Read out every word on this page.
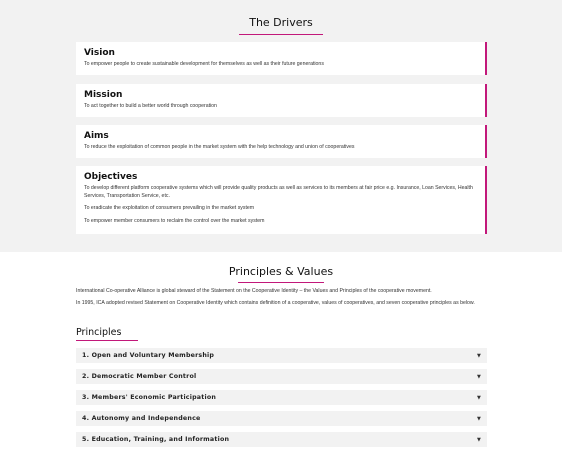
The Drivers
Vision

To empower people to create sustainable development for themselves as well as their future generations

Mission

To act together to build a better world through cooperation

Aims

To reduce the exploitation of common people in the market system with the help technology and union of cooperatives

Objectives

To develop different platform cooperative systems which will provide quality products as well as services to its members at fair price e.g. Insurance, Loan Services, Health Services, Transportation Service, etc.

To eradicate the exploitation of consumers prevailing in the market system

To empower member consumers to reclaim the control over the market system

Principles & Values

International Co-operative Alliance is global steward of the Statement on the Cooperative Identity – the Values and Principles of the cooperative movement.

In 1995, ICA adopted revised Statement on Cooperative Identity which contains definition of a cooperative, values of cooperatives, and seven cooperative principles as below.

Principles
1. Open and Voluntary Membership	▼
2. Democratic Member Control	▼
3. Members' Economic Participation	▼
4. Autonomy and Independence	▼
5. Education, Training, and Information	▼
